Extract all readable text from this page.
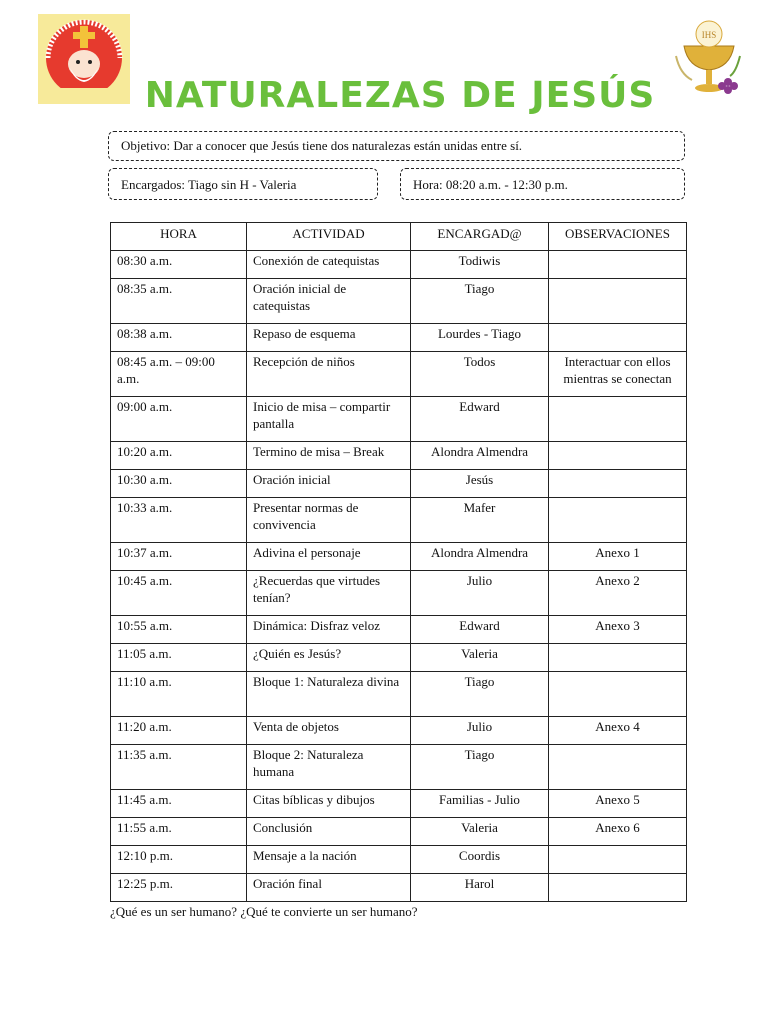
IHS
NATURALEZAS DE JESÚS
Objetivo: Dar a conocer que Jesús tiene dos naturalezas están unidas entre sí.
Encargados: Tiago sin H - Valeria	Hora: 08:20 a.m. - 12:30 p.m.
HORA	ACTIVIDAD	ENCARGAD@	OBSERVACIONES
08:30 a.m.	Conexión de catequistas	Todiwis	
08:35 a.m.	Oración inicial de catequistas	Tiago	
08:38 a.m.	Repaso de esquema	Lourdes - Tiago	
08:45 a.m. – 09:00 a.m.	Recepción de niños	Todos	Interactuar con ellos mientras se conectan
09:00 a.m.	Inicio de misa – compartir pantalla	Edward	
10:20 a.m.	Termino de misa – Break	Alondra Almendra	
10:30 a.m.	Oración inicial	Jesús	
10:33 a.m.	Presentar normas de convivencia	Mafer	
10:37 a.m.	Adivina el personaje	Alondra Almendra	Anexo 1
10:45 a.m.	¿Recuerdas que virtudes tenían?	Julio	Anexo 2
10:55 a.m.	Dinámica: Disfraz veloz	Edward	Anexo 3
11:05 a.m.	¿Quién es Jesús?	Valeria	
11:10 a.m.	Bloque 1: Naturaleza divina	Tiago	
11:20 a.m.	Venta de objetos	Julio	Anexo 4
11:35 a.m.	Bloque 2: Naturaleza humana	Tiago	
11:45 a.m.	Citas bíblicas y dibujos	Familias - Julio	Anexo 5
11:55 a.m.	Conclusión	Valeria	Anexo 6
12:10 p.m.	Mensaje a la nación	Coordis	
12:25 p.m.	Oración final	Harol	
¿Qué es un ser humano? ¿Qué te convierte un ser humano?
